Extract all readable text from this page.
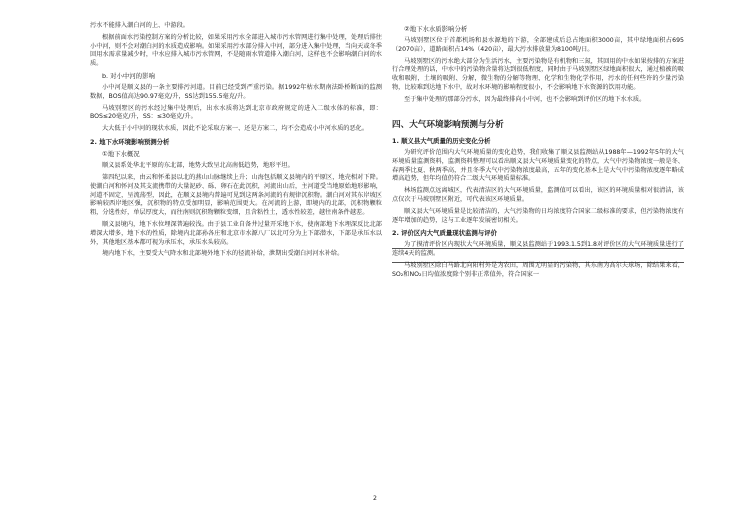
污水不能排入潮白河的上、中游段。

根据前面水污染控制方案的分析比较，如果采用污水全部进入城市污水管网进行集中处理，处理后排往小中河，则不会对潮白河的水质造成影响。如果采用污水部分排入中河，部分进入集中处理，当向天或冬季回用水需求量减少时，中水应排入城市污水管网，不是随雨水管道排入潮白河，这样也不会影响潮白河的水质。

b. 对小中河的影响

小中河是顺义县的一条主要排污河道。目前已经受到严重污染。据1992年枯水期南法卧桥断面的监测数据，BOS值高达90.97毫克/升，SS达到155.5毫克/升。

马坡别墅区的污水经过集中处理后，出水水质将达到北京市政府规定的进入二级水体的标准，即：BOS≤20毫克/升，SS：≤30毫克/升。

大大低于小中河的现状水质，因此不论采取方案一、还是方案二，均不会造成小中河水质的恶化。

2. 地下水环境影响预测分析

①地下水概况

顺义县系处华北平原的东北部，地势大致呈北高南低趋势，地形平坦。

第四纪以来，由云和怀柔县以北的燕山山脉继续上升；山海包括顺义县境内的平原区，地壳相对下降。使潮白河和怀河及其支流携带的大量泥砂、砾、卵石在此沉积，河流出山后，主河道受当地原始地形影响，河道不固定，呈流荡型，因此，在顺义县境内普遍可见到这两条河流的有规律沉积物。潮白河对其东岸坡区影响较西岸地区强，沉积物的特点受加明显，影响范围更大。在河流的上游，即境内的北部，沉积物颗粒粗，分选性好，单层厚度大，而往南则沉积物颗粒变细，且含粘性土，透水性较差，越往南条件越差。

顺义县境内，地下水位埋深普遍较浅。由于县工业自备井过量开采地下水，使南部地下水埋深反比北部增深大增多，地下水的性质，除境内北部孙各庄和北京市水源八厂以北可分为上下部潜水，下部是承压水以外，其他地区基本都可视为承压水，承压水头较高。

境内地下水，主要受大气降水和北部境外地下水的径流补给，泄期出受潮白河河水补给。

②地下水水质影响分析

马坡别墅区位于首都机场和县水源地的下游，全部建成后总占地面积3000亩，其中绿地面积占695（2070亩），道路面积占14%（420亩），最大污水排放量为8100吨/日。

马坡别墅区的污水绝大部分为生活污水，主要污染物是有机物和三氮，其回用的中水如果按排的方案进行合理处理的话，中水中的污染物含量将达到很低程度，同时由于马坡别墅区绿地面积很大，通过植被的吸收和吸附，土壤的吸附、分解，微生物的分解等物理、化学和生物化学作用，污水的任何些许的少量污染物，比较难到达地下水中，故对水环境的影响程度很小，不会影响地下水资源的饮用功能。

至于集中处理的那部分污水，因为最终排向小中河，也不会影响到评价区的地下水水质。

四、大气环境影响预测与分析
1. 顺义县大气质量的历史变化分析

为研究评价范围内大气环境质量的变化趋势，我们收集了顺义县监测站从1988年—1992年5年的大气环境质量监测资料，监测资料整理可以看出顺义县大气环境质量变化的特点，大气中污染物浓度一般是冬、春两季比夏、秋两季高，并且冬季大气中污染物浓度最高，五年的变化基本上是大气中污染物浓度逐年略成增高趋势，但年均值仍符合二级大气环境质量标准。

林场监测点远离城区，代表清洁区的大气环境质量，监测值可以看出，该区的环境质量相对很清洁，该点仅次于马坡别墅区附近，可代表该区环境质量。

顺义县大气环境质量是比较清洁的，大气污染物的日均浓度符合国家二级标准的要求，但污染物浓度有逐年增加的趋势，这与工业逐年发展密切相关。

2. 评价区内大气质量现状监测与评价

为了摸清评价区内现状大气环境质量，顺义县监测站于1993.1.5到1.8对评价区的大气环境质量进行了连续4天的监测。

马坡别墅区除白马路北向阳村外是为农田，周围无明显的污染物，其东南为高尔夫球场，除结果来看，SO₂和NO₂日均值浓度除个别非正常值外，符合国家一

2
